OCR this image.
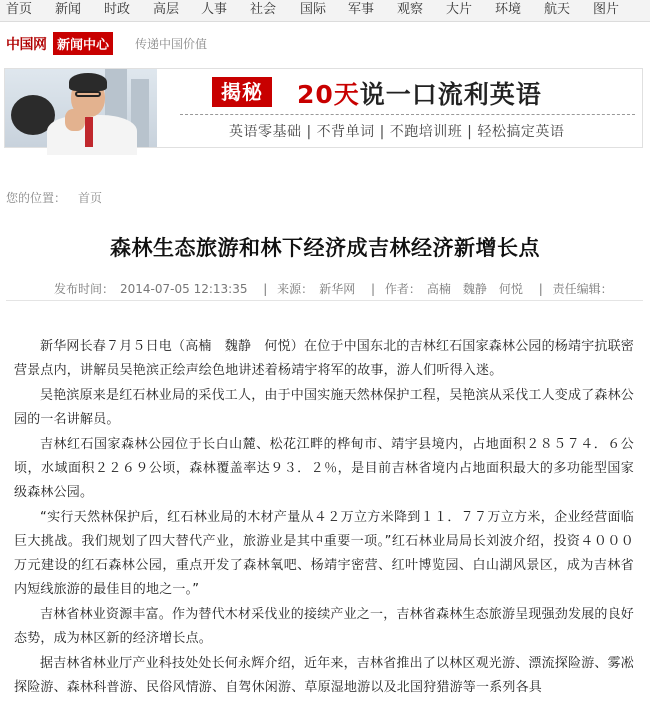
首页 新闻 时政 高层 人事 社会 国际 军事 观察 大片 环境 航天 图片
中国网 新闻中心	传递中国价值
揭秘	20天说一口流利英语
英语零基础 | 不背单词 | 不跑培训班 | 轻松搞定英语
您的位置： 首页
森林生态旅游和林下经济成吉林经济新增长点
发布时间： 2014-07-05 12:13:35 | 来源： 新华网 | 作者： 高楠　魏静　何悦 | 责任编辑：

新华网长春７月５日电（高楠　魏静　何悦）在位于中国东北的吉林红石国家森林公园的杨靖宇抗联密营景点内，讲解员吴艳滨正绘声绘色地讲述着杨靖宇将军的故事，游人们听得入迷。

吴艳滨原来是红石林业局的采伐工人，由于中国实施天然林保护工程，吴艳滨从采伐工人变成了森林公园的一名讲解员。

吉林红石国家森林公园位于长白山麓、松花江畔的桦甸市、靖宇县境内，占地面积２８５７４．６公顷，水域面积２２６９公顷，森林覆盖率达９３．２％，是目前吉林省境内占地面积最大的多功能型国家级森林公园。

“实行天然林保护后，红石林业局的木材产量从４２万立方米降到１１．７７万立方米，企业经营面临巨大挑战。我们规划了四大替代产业，旅游业是其中重要一项。”红石林业局局长刘波介绍，投资４０００万元建设的红石森林公园，重点开发了森林氧吧、杨靖宇密营、红叶博览园、白山湖风景区，成为吉林省内短线旅游的最佳目的地之一。”

吉林省林业资源丰富。作为替代木材采伐业的接续产业之一，吉林省森林生态旅游呈现强劲发展的良好态势，成为林区新的经济增长点。

据吉林省林业厅产业科技处处长何永辉介绍，近年来，吉林省推出了以林区观光游、漂流探险游、雾凇探险游、森林科普游、民俗风情游、自驾休闲游、草原湿地游以及北国狩猎游等一系列各具
